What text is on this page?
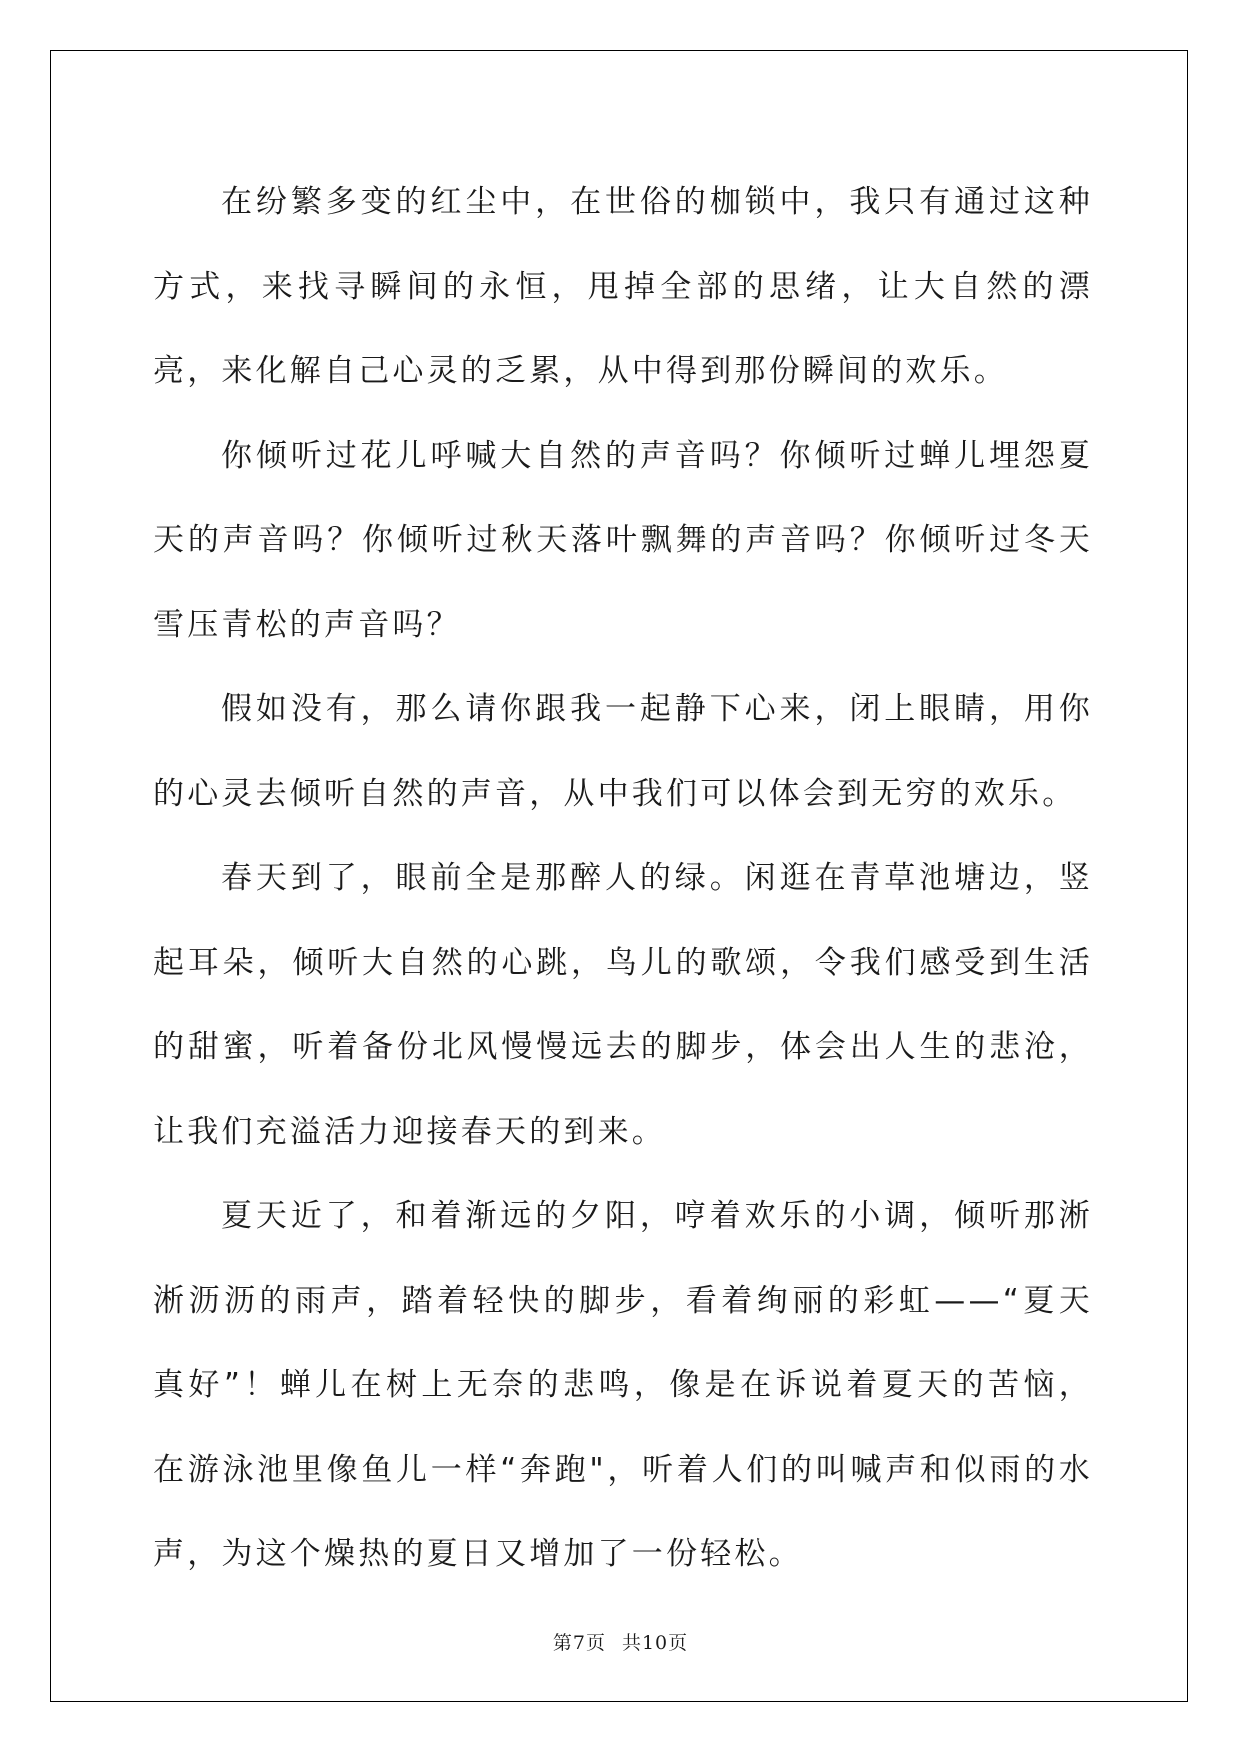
在纷繁多变的红尘中，在世俗的枷锁中，我只有通过这种方式，来找寻瞬间的永恒，甩掉全部的思绪，让大自然的漂亮，来化解自己心灵的乏累，从中得到那份瞬间的欢乐。

你倾听过花儿呼喊大自然的声音吗？你倾听过蝉儿埋怨夏天的声音吗？你倾听过秋天落叶飘舞的声音吗？你倾听过冬天雪压青松的声音吗？

假如没有，那么请你跟我一起静下心来，闭上眼睛，用你的心灵去倾听自然的声音，从中我们可以体会到无穷的欢乐。

春天到了，眼前全是那醉人的绿。闲逛在青草池塘边，竖起耳朵，倾听大自然的心跳，鸟儿的歌颂，令我们感受到生活的甜蜜，听着备份北风慢慢远去的脚步，体会出人生的悲沧，让我们充溢活力迎接春天的到来。

夏天近了，和着渐远的夕阳，哼着欢乐的小调，倾听那淅淅沥沥的雨声，踏着轻快的脚步，看着绚丽的彩虹——“夏天真好”！蝉儿在树上无奈的悲鸣，像是在诉说着夏天的苦恼，在游泳池里像鱼儿一样“奔跑"，听着人们的叫喊声和似雨的水声，为这个燥热的夏日又增加了一份轻松。

第7页 共10页
